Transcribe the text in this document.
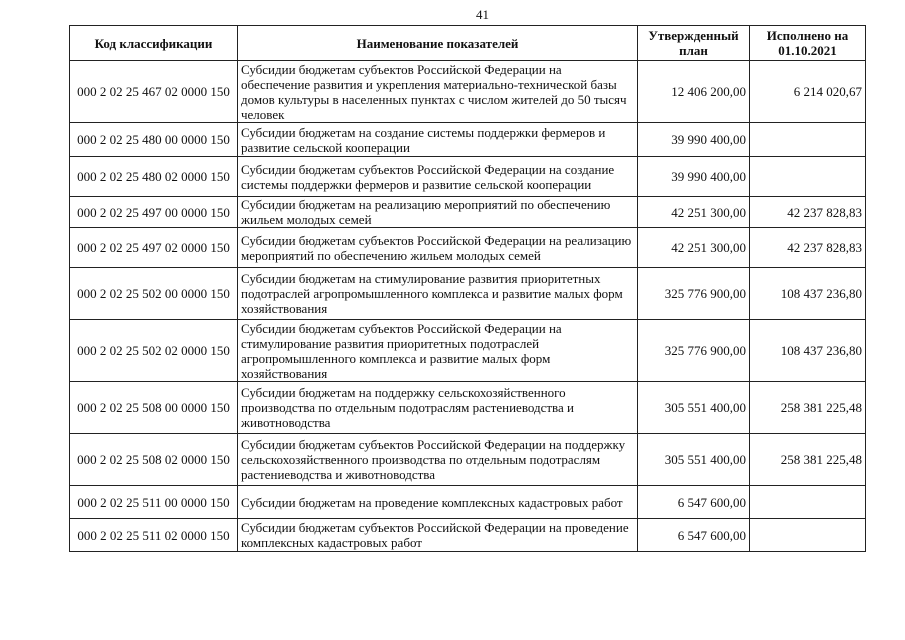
41
Код классификации	Наименование показателей	Утвержденный план	Исполнено на 01.10.2021
000 2 02 25 467 02 0000 150	Субсидии бюджетам субъектов Российской Федерации на обеспечение развития и укрепления материально-технической базы домов культуры в населенных пунктах с числом жителей до 50 тысяч человек	12 406 200,00	6 214 020,67
000 2 02 25 480 00 0000 150	Субсидии бюджетам на создание системы поддержки фермеров и развитие сельской кооперации	39 990 400,00	
000 2 02 25 480 02 0000 150	Субсидии бюджетам субъектов Российской Федерации на создание системы поддержки фермеров и развитие сельской кооперации	39 990 400,00	
000 2 02 25 497 00 0000 150	Субсидии бюджетам на реализацию мероприятий по обеспечению жильем молодых семей	42 251 300,00	42 237 828,83
000 2 02 25 497 02 0000 150	Субсидии бюджетам субъектов Российской Федерации на реализацию мероприятий по обеспечению жильем молодых семей	42 251 300,00	42 237 828,83
000 2 02 25 502 00 0000 150	Субсидии бюджетам на стимулирование развития приоритетных подотраслей агропромышленного комплекса и развитие малых форм хозяйствования	325 776 900,00	108 437 236,80
000 2 02 25 502 02 0000 150	Субсидии бюджетам субъектов Российской Федерации на стимулирование развития приоритетных подотраслей агропромышленного комплекса и развитие малых форм хозяйствования	325 776 900,00	108 437 236,80
000 2 02 25 508 00 0000 150	Субсидии бюджетам на поддержку сельскохозяйственного производства по отдельным подотраслям растениеводства и животноводства	305 551 400,00	258 381 225,48
000 2 02 25 508 02 0000 150	Субсидии бюджетам субъектов Российской Федерации на поддержку сельскохозяйственного производства по отдельным подотраслям растениеводства и животноводства	305 551 400,00	258 381 225,48
000 2 02 25 511 00 0000 150	Субсидии бюджетам на проведение комплексных кадастровых работ	6 547 600,00	
000 2 02 25 511 02 0000 150	Субсидии бюджетам субъектов Российской Федерации на проведение комплексных кадастровых работ	6 547 600,00	
